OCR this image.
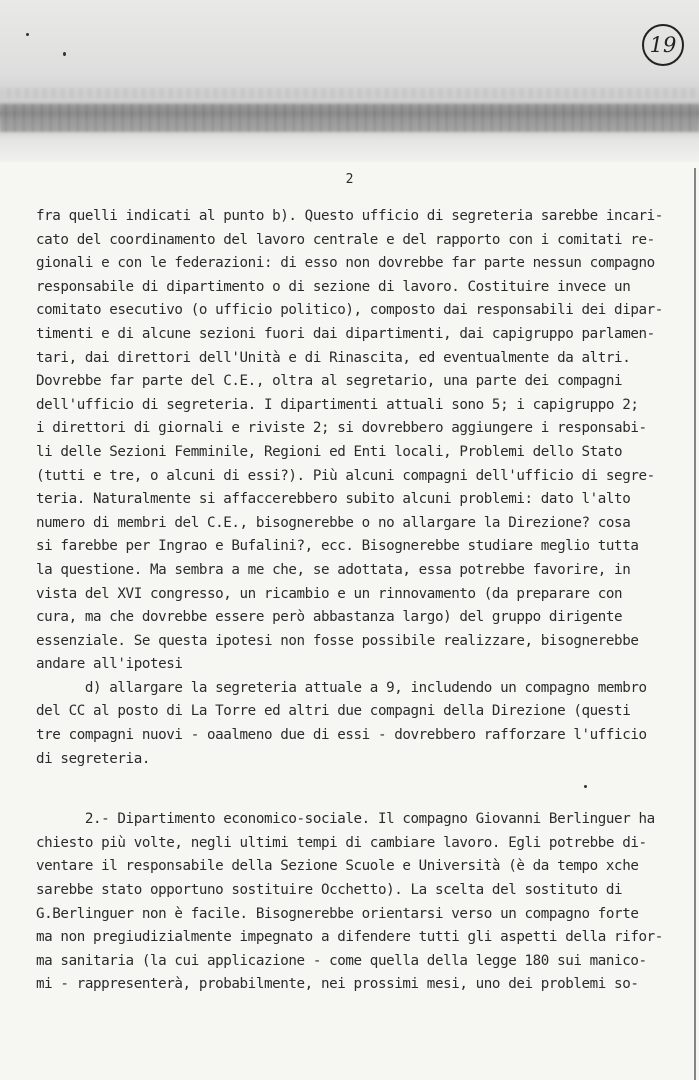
19
2
fra quelli indicati al punto b). Questo ufficio di segreteria sarebbe incari-
cato del coordinamento del lavoro centrale e del rapporto con i comitati re-
gionali e con le federazioni: di esso non dovrebbe far parte nessun compagno
responsabile di dipartimento o di sezione di lavoro. Costituire invece un
comitato esecutivo (o ufficio politico), composto dai responsabili dei dipar-
timenti e di alcune sezioni fuori dai dipartimenti, dai capigruppo parlamen-
tari, dai direttori dell'Unità e di Rinascita, ed eventualmente da altri.
Dovrebbe far parte del C.E., oltra al segretario, una parte dei compagni
dell'ufficio di segreteria. I dipartimenti attuali sono 5; i capigruppo 2;
i direttori di giornali e riviste 2; si dovrebbero aggiungere i responsabi-
li delle Sezioni Femminile, Regioni ed Enti locali, Problemi dello Stato
(tutti e tre, o alcuni di essi?). Più alcuni compagni dell'ufficio di segre-
teria. Naturalmente si affaccerebbero subito alcuni problemi: dato l'alto
numero di membri del C.E., bisognerebbe o no allargare la Direzione? cosa
si farebbe per Ingrao e Bufalini?, ecc. Bisognerebbe studiare meglio tutta
la questione. Ma sembra a me che, se adottata, essa potrebbe favorire, in
vista del XVI congresso, un ricambio e un rinnovamento (da preparare con
cura, ma che dovrebbe essere però abbastanza largo) del gruppo dirigente
essenziale. Se questa ipotesi non fosse possibile realizzare, bisognerebbe
andare all'ipotesi
d) allargare la segreteria attuale a 9, includendo un compagno membro
del CC al posto di La Torre ed altri due compagni della Direzione (questi
tre compagni nuovi - oaalmeno due di essi - dovrebbero rafforzare l'ufficio
di segreteria.
2.- Dipartimento economico-sociale. Il compagno Giovanni Berlinguer ha
chiesto più volte, negli ultimi tempi di cambiare lavoro. Egli potrebbe di-
ventare il responsabile della Sezione Scuole e Università (è da tempo xche
sarebbe stato opportuno sostituire Occhetto). La scelta del sostituto di
G.Berlinguer non è facile. Bisognerebbe orientarsi verso un compagno forte
ma non pregiudizialmente impegnato a difendere tutti gli aspetti della rifor-
ma sanitaria (la cui applicazione - come quella della legge 180 sui manico-
mi - rappresenterà, probabilmente, nei prossimi mesi, uno dei problemi so-
